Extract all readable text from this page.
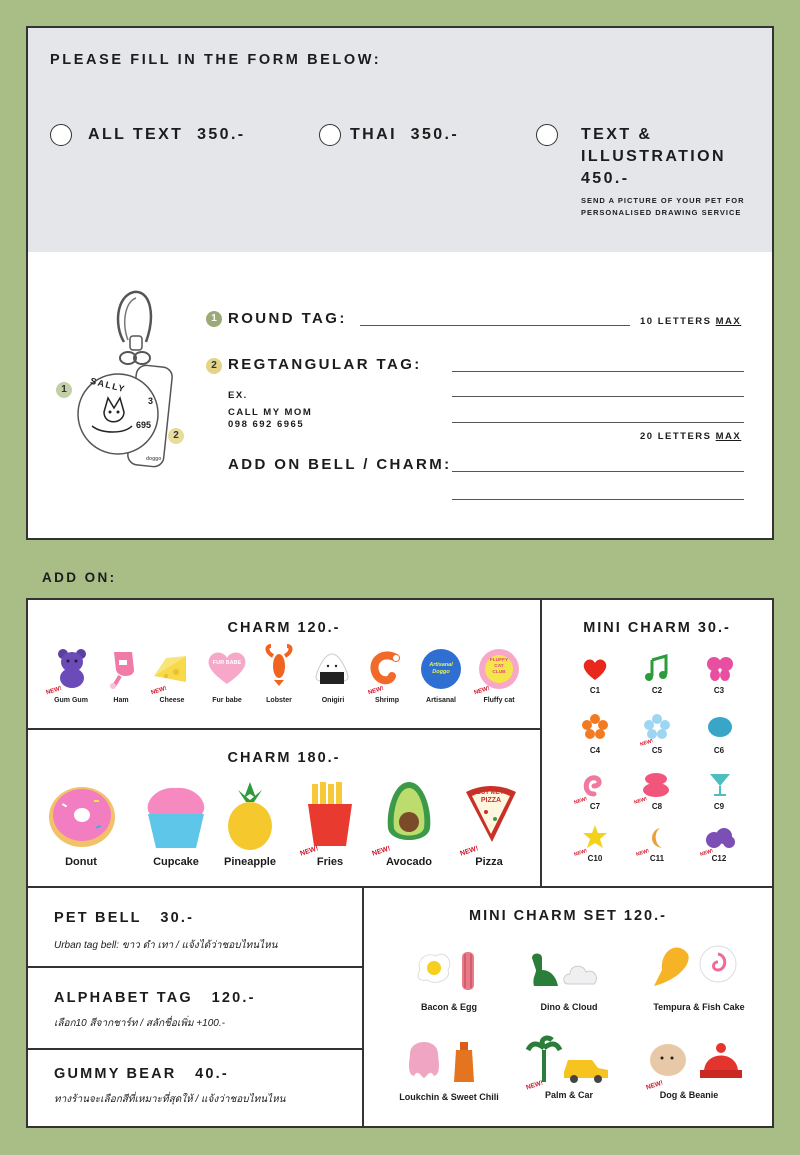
PLEASE FILL IN THE FORM BELOW:
ALL TEXT 350.-	THAI 350.-	TEXT &
ILLUSTRATION
450.-
SEND A PICTURE OF YOUR PET FOR
PERSONALISED DRAWING SERVICE
SALLY
3
695
doggo
1
2
1 ROUND TAG:	10 LETTERS MAX
2 REGTANGULAR TAG:
EX.
CALL MY MOM
098 692 6965
20 LETTERS MAX
ADD ON BELL / CHARM:
ADD ON:
CHARM 120.-
FUR BABE	Artisanal
Doggo
FLUFFY
CAT
CLUB
Gum Gum	Ham	Cheese	Fur babe	Lobster	Onigiri	Shrimp	Artisanal	Fluffy cat
NEW!	NEW!	NEW!	NEW!
CHARM 180.-
BUY ME A
PIZZA
Donut	Cupcake	Pineapple	Fries	Avocado	Pizza
NEW!	NEW!	NEW!
MINI CHARM 30.-
C1	C2	C3
C4	C5	C6
C7	C8	C9
C10	C11	C12
NEW!
NEW!	NEW!
NEW!	NEW!	NEW!
PET BELL 30.-
Urban tag bell: ขาว ดำ เทา / แจ้งได้ว่าชอบไทนไหน
ALPHABET TAG 120.-
เลือก10 สีจากชาร์ท / สลักชื่อเพิ่ม +100.-
GUMMY BEAR 40.-
ทางร้านจะเลือกสีที่เหมาะที่สุดให้ / แจ้งว่าชอบไทนไหน
MINI CHARM SET 120.-
Bacon & Egg	Dino & Cloud	Tempura & Fish Cake
Loukchin & Sweet Chili	Palm & Car	Dog & Beanie
NEW!	NEW!
